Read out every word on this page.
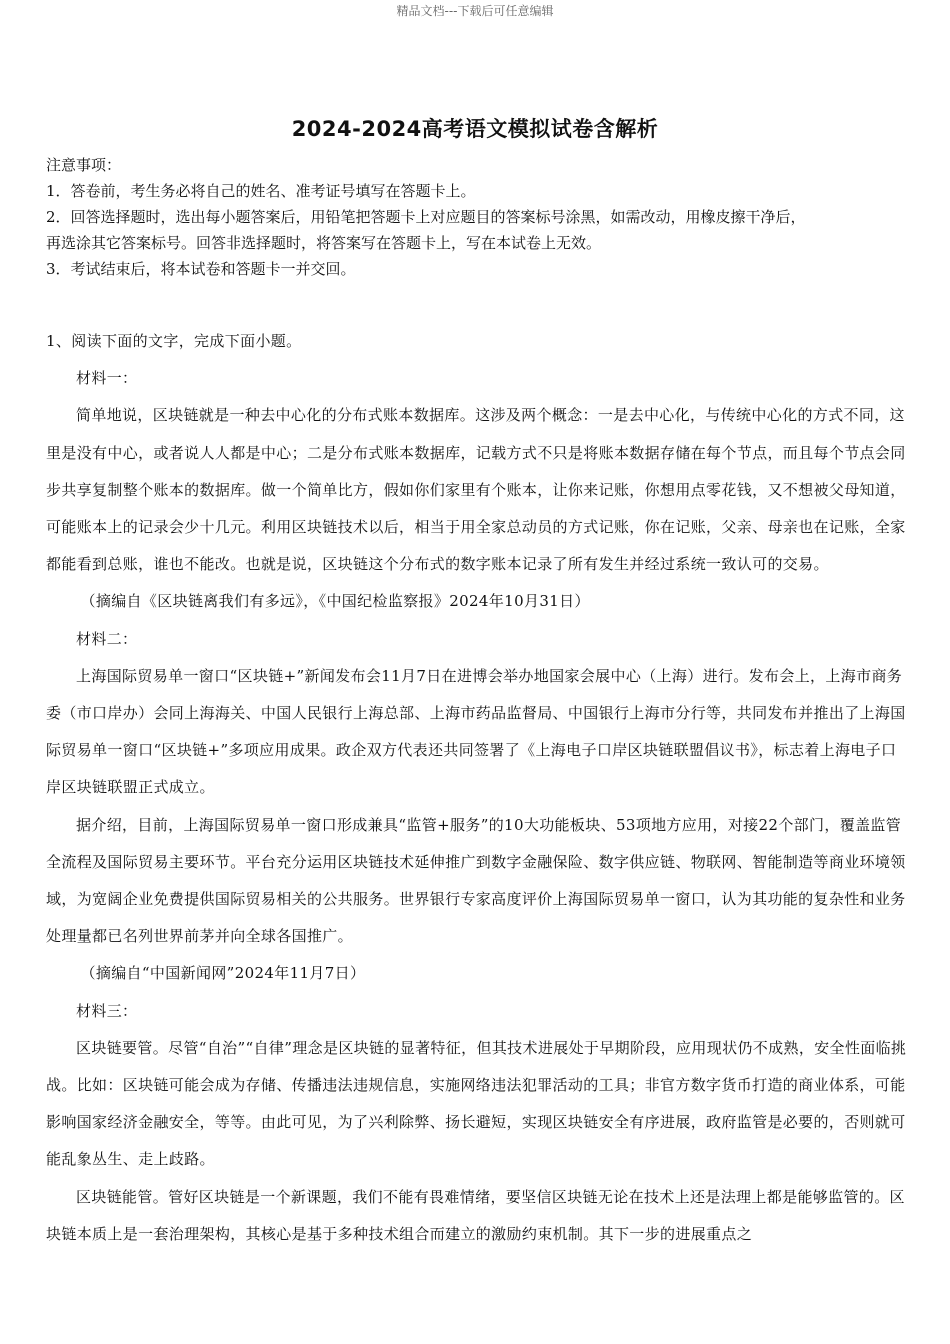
精品文档---下载后可任意编辑
2024-2024高考语文模拟试卷含解析
注意事项：
1．答卷前，考生务必将自己的姓名、准考证号填写在答题卡上。
2．回答选择题时，选出每小题答案后，用铅笔把答题卡上对应题目的答案标号涂黑，如需改动，用橡皮擦干净后，
再选涂其它答案标号。回答非选择题时，将答案写在答题卡上，写在本试卷上无效。
3．考试结束后，将本试卷和答题卡一并交回。

1、阅读下面的文字，完成下面小题。

材料一：

简单地说，区块链就是一种去中心化的分布式账本数据库。这涉及两个概念：一是去中心化，与传统中心化的方式不同，这里是没有中心，或者说人人都是中心；二是分布式账本数据库，记载方式不只是将账本数据存储在每个节点，而且每个节点会同步共享复制整个账本的数据库。做一个简单比方，假如你们家里有个账本，让你来记账，你想用点零花钱，又不想被父母知道，可能账本上的记录会少十几元。利用区块链技术以后，相当于用全家总动员的方式记账，你在记账，父亲、母亲也在记账，全家都能看到总账，谁也不能改。也就是说，区块链这个分布式的数字账本记录了所有发生并经过系统一致认可的交易。

（摘编自《区块链离我们有多远》，《中国纪检监察报》2024年10月31日）

材料二：

上海国际贸易单一窗口“区块链+”新闻发布会11月7日在进博会举办地国家会展中心（上海）进行。发布会上，上海市商务委（市口岸办）会同上海海关、中国人民银行上海总部、上海市药品监督局、中国银行上海市分行等，共同发布并推出了上海国际贸易单一窗口“区块链+”多项应用成果。政企双方代表还共同签署了《上海电子口岸区块链联盟倡议书》，标志着上海电子口岸区块链联盟正式成立。

据介绍，目前，上海国际贸易单一窗口形成兼具“监管+服务”的10大功能板块、53项地方应用，对接22个部门，覆盖监管全流程及国际贸易主要环节。平台充分运用区块链技术延伸推广到数字金融保险、数字供应链、物联网、智能制造等商业环境领域，为宽阔企业免费提供国际贸易相关的公共服务。世界银行专家高度评价上海国际贸易单一窗口，认为其功能的复杂性和业务处理量都已名列世界前茅并向全球各国推广。

（摘编自“中国新闻网”2024年11月7日）

材料三：

区块链要管。尽管“自治”“自律”理念是区块链的显著特征，但其技术进展处于早期阶段，应用现状仍不成熟，安全性面临挑战。比如：区块链可能会成为存储、传播违法违规信息，实施网络违法犯罪活动的工具；非官方数字货币打造的商业体系，可能影响国家经济金融安全，等等。由此可见，为了兴利除弊、扬长避短，实现区块链安全有序进展，政府监管是必要的，否则就可能乱象丛生、走上歧路。

区块链能管。管好区块链是一个新课题，我们不能有畏难情绪，要坚信区块链无论在技术上还是法理上都是能够监管的。区块链本质上是一套治理架构，其核心是基于多种技术组合而建立的激励约束机制。其下一步的进展重点之
